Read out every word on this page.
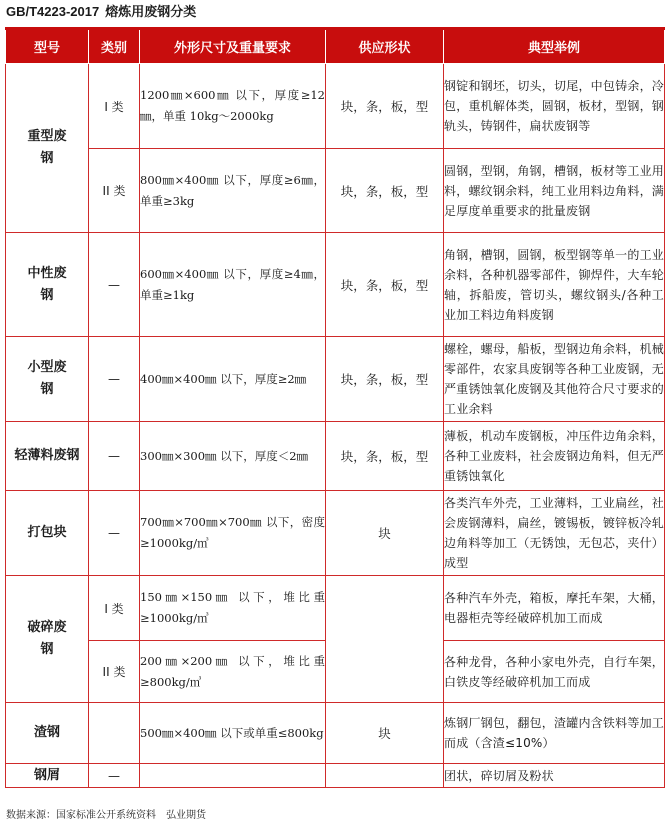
GB/T4223-2017 熔炼用废钢分类
型号	类别	外形尺寸及重量要求	供应形状	典型举例
重型废钢	I 类	1200㎜×600㎜ 以下，厚度≥12㎜，单重 10kg～2000kg	块，条，板，型	钢锭和钢坯，切头，切尾，中包铸余，冷包，重机解体类，圆钢，板材，型钢，钢轨头，铸钢件，扁状废钢等
	II 类	800㎜×400㎜ 以下，厚度≥6㎜，单重≥3kg	块，条，板，型	圆钢，型钢，角钢，槽钢，板材等工业用料，螺纹钢余料，纯工业用料边角料，满足厚度单重要求的批量废钢
中性废钢	—	600㎜×400㎜ 以下，厚度≥4㎜，单重≥1kg	块，条，板，型	角钢，槽钢，圆钢，板型钢等单一的工业余料，各种机器零部件，铆焊件，大车轮轴，拆船废，管切头，螺纹钢头/各种工业加工料边角料废钢
小型废钢	—	400㎜×400㎜ 以下，厚度≥2㎜	块，条，板，型	螺栓，螺母，船板，型钢边角余料，机械零部件，农家具废钢等各种工业废钢，无严重锈蚀氧化废钢及其他符合尺寸要求的工业余料
轻薄料废钢	—	300㎜×300㎜ 以下，厚度＜2㎜	块，条，板，型	薄板，机动车废钢板，冲压件边角余料，各种工业废料，社会废钢边角料，但无严重锈蚀氧化
打包块	—	700㎜×700㎜×700㎜ 以下，密度≥1000kg/㎥	块	各类汽车外壳，工业薄料，工业扁丝，社会废钢薄料，扁丝，镀锡板，镀锌板冷轧边角料等加工（无锈蚀，无包芯，夹什）成型
破碎废钢	I 类	150㎜×150㎜ 以下，堆比重≥1000kg/㎥		各种汽车外壳，箱板，摩托车架，大桶，电器柜壳等经破碎机加工而成
	II 类	200㎜×200㎜ 以下，堆比重≥800kg/㎥		各种龙骨，各种小家电外壳，自行车架，白铁皮等经破碎机加工而成
渣钢		500㎜×400㎜ 以下或单重≤800kg	块	炼钢厂钢包，翻包，渣罐内含铁料等加工而成（含渣≤10%）
钢屑	—			团状，碎切屑及粉状
数据来源：国家标准公开系统资料 弘业期货
